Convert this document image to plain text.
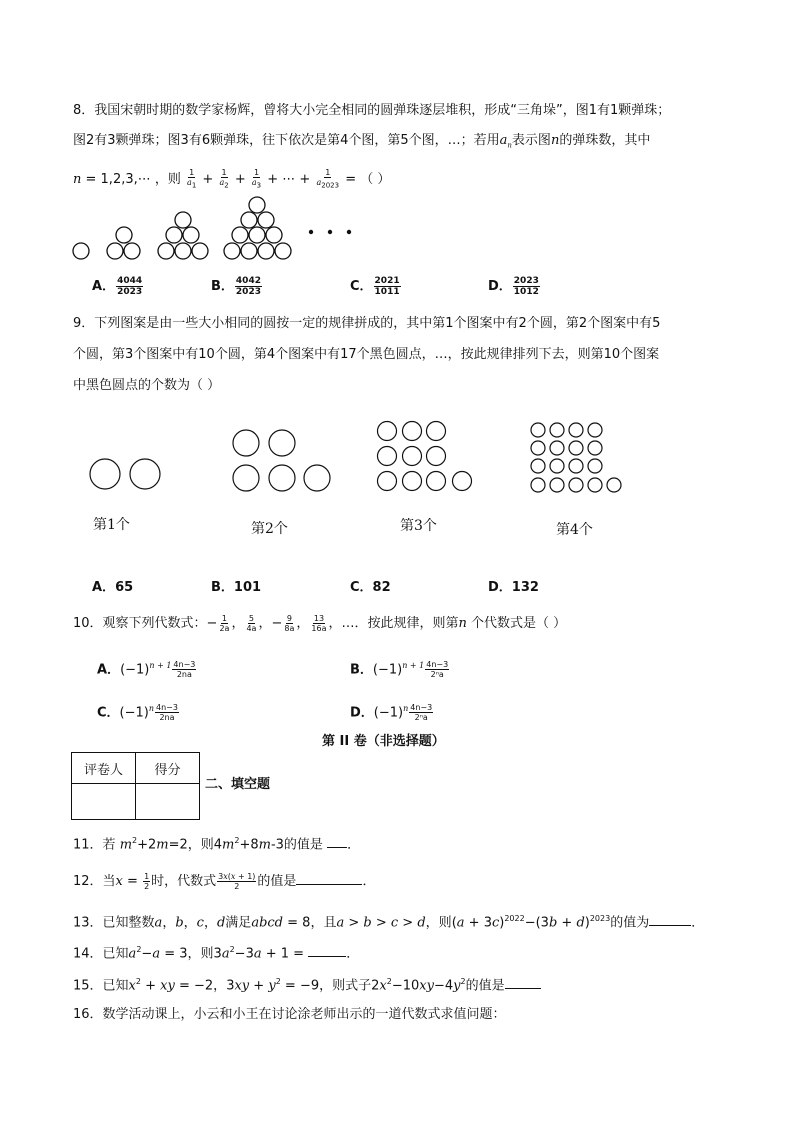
8．我国宋朝时期的数学家杨辉，曾将大小完全相同的圆弹珠逐层堆积，形成“三角垛”，图1有1颗弹珠；
图2有3颗弹珠；图3有6颗弹珠，往下依次是第4个图，第5个图，…；若用$a_n$表示图n的弹珠数，其中
n = 1,2,3,⋯ ，则 $\frac{1}{a_1} + \frac{1}{a_2} + \frac{1}{a_3}$ + ⋯ + $\frac{1}{a_{2023}}$ = （ ）
A． $\frac{4044}{2023}$	B． $\frac{4042}{2023}$	C． $\frac{2021}{1011}$	D． $\frac{2023}{1012}$
9．下列图案是由一些大小相同的圆按一定的规律拼成的，其中第1个图案中有2个圆，第2个图案中有5
个圆，第3个图案中有10个圆，第4个图案中有17个黑色圆点，…，按此规律排列下去，则第10个图案
中黑色圆点的个数为（ ）
第1个	第2个	第3个	第4个
A．65	B．101	C．82	D．132
10．观察下列代数式：− $\frac{1}{2a}$ ， $\frac{5}{4a}$ ，− $\frac{9}{8a}$ ， $\frac{13}{16a}$ ，…．按此规律，则第n 个代数式是（ ）
A．$(-1)^{n + 1} \frac{4n-3}{2na}$	B．$(-1)^{n + 1} \frac{4n-3}{\text{2ⁿa}}$
C．$(-1)^n \frac{4n-3}{2na}$	D．$(-1)^n \frac{4n-3}{\text{2ⁿa}}$
第 II 卷（非选择题）
评卷人	得分

二、填空题
11．若 $m^2+2m=2$，则$4m^2+8m-3$的值是 ．
12．当$x = \frac{1}{2}$ 时，代数式 $\frac{3x(x + 1)}{2}$ 的值是	．
13．已知整数a，b，c，d满足abcd = 8，且a > b > c > d，则$(a + 3c)^{2022}-(3b + d)^{2023}$的值为	．
14．已知$a^2-a = 3$，则$3a^2-3a + 1$ =	．
15．已知$x^2$ + xy = −2，$3xy + y^2 = -9$，则式子$2x^2-10xy-4y^2$的值是
16．数学活动课上，小云和小王在讨论涂老师出示的一道代数式求值问题：
